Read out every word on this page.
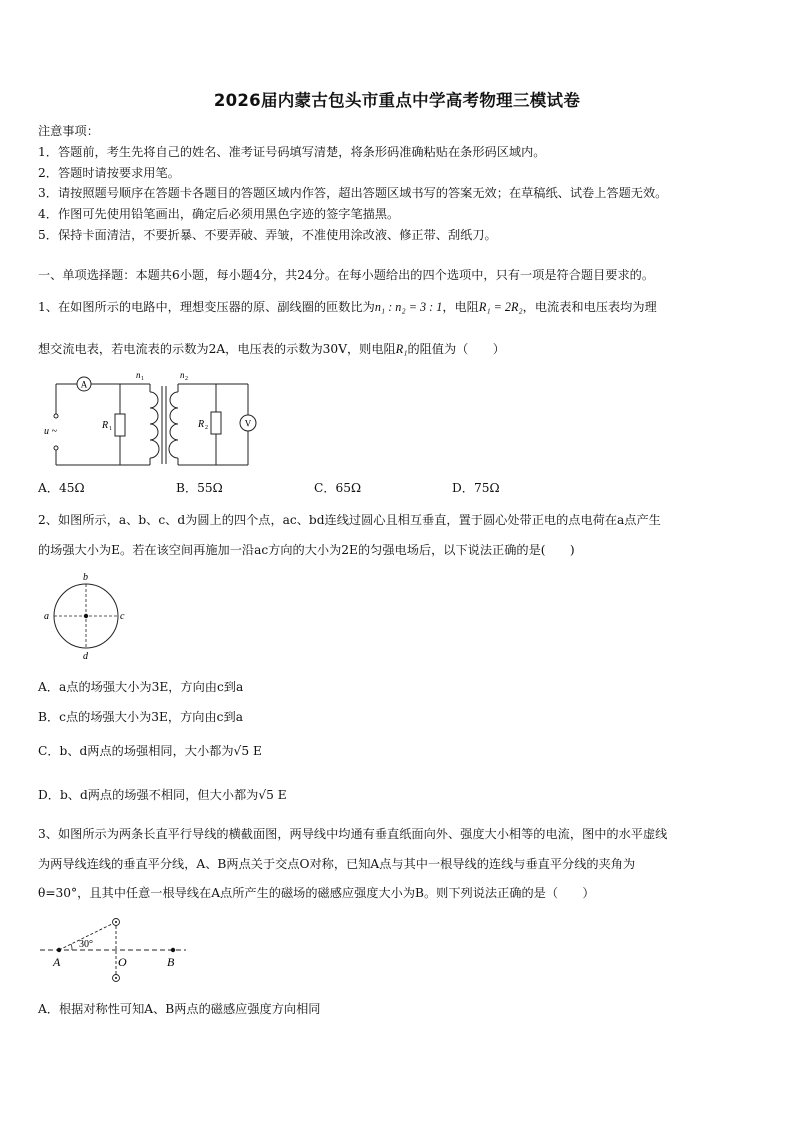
2026届内蒙古包头市重点中学高考物理三模试卷
注意事项：
1．答题前，考生先将自己的姓名、准考证号码填写清楚，将条形码准确粘贴在条形码区域内。
2．答题时请按要求用笔。
3．请按照题号顺序在答题卡各题目的答题区域内作答，超出答题区域书写的答案无效；在草稿纸、试卷上答题无效。
4．作图可先使用铅笔画出，确定后必须用黑色字迹的签字笔描黑。
5．保持卡面清洁，不要折暴、不要弄破、弄皱，不准使用涂改液、修正带、刮纸刀。
一、单项选择题：本题共6小题，每小题4分，共24分。在每小题给出的四个选项中，只有一项是符合题目要求的。
1、在如图所示的电路中，理想变压器的原、副线圈的匝数比为n₁ : n₂ = 3 : 1，电阻R₁ = 2R₂，电流表和电压表均为理
想交流电表，若电流表的示数为2A，电压表的示数为30V，则电阻R₁的阻值为（　　）
A
V
u ~
R 1	R 2
n 1	n 2
A．45Ω	B．55Ω	C．65Ω	D．75Ω
2、如图所示，a、b、c、d为圆上的四个点，ac、bd连线过圆心且相互垂直，置于圆心处带正电的点电荷在a点产生
的场强大小为E。若在该空间再施加一沿ac方向的大小为2E的匀强电场后，以下说法正确的是(　　)
a
b
c
d
A．a点的场强大小为3E，方向由c到a
B．c点的场强大小为3E，方向由c到a
C．b、d两点的场强相同，大小都为√5 E
D．b、d两点的场强不相同，但大小都为√5 E
3、如图所示为两条长直平行导线的横截面图，两导线中均通有垂直纸面向外、强度大小相等的电流，图中的水平虚线
为两导线连线的垂直平分线，A、B两点关于交点O对称，已知A点与其中一根导线的连线与垂直平分线的夹角为
θ=30°，且其中任意一根导线在A点所产生的磁场的磁感应强度大小为B。则下列说法正确的是（　　）
30°
A	O	B
A．根据对称性可知A、B两点的磁感应强度方向相同
